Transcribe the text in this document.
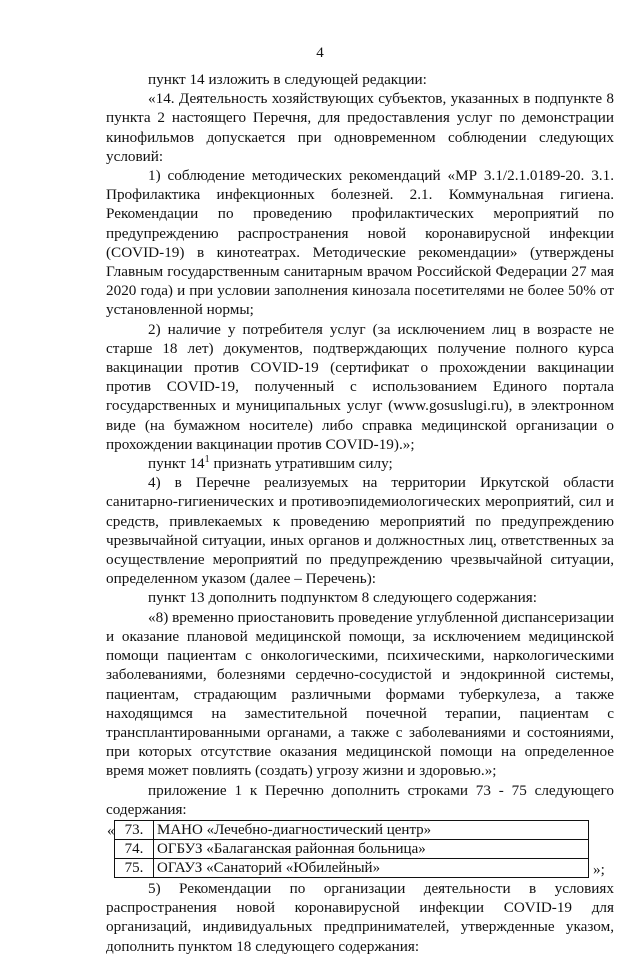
4

пункт 14 изложить в следующей редакции:

«14. Деятельность хозяйствующих субъектов, указанных в подпункте 8 пункта 2 настоящего Перечня, для предоставления услуг по демонстрации кинофильмов допускается при одновременном соблюдении следующих условий:

1) соблюдение методических рекомендаций «МР 3.1/2.1.0189-20. 3.1. Профилактика инфекционных болезней. 2.1. Коммунальная гигиена. Рекомендации по проведению профилактических мероприятий по предупреждению распространения новой коронавирусной инфекции (COVID-19) в кинотеатрах. Методические рекомендации» (утверждены Главным государственным санитарным врачом Российской Федерации 27 мая 2020 года) и при условии заполнения кинозала посетителями не более 50% от установленной нормы;

2) наличие у потребителя услуг (за исключением лиц в возрасте не старше 18 лет) документов, подтверждающих получение полного курса вакцинации против COVID-19 (сертификат о прохождении вакцинации против COVID-19, полученный с использованием Единого портала государственных и муниципальных услуг (www.gosuslugi.ru), в электронном виде (на бумажном носителе) либо справка медицинской организации о прохождении вакцинации против COVID-19).»;

пункт $14^1$ признать утратившим силу;

4) в Перечне реализуемых на территории Иркутской области санитарно-гигиенических и противоэпидемиологических мероприятий, сил и средств, привлекаемых к проведению мероприятий по предупреждению чрезвычайной ситуации, иных органов и должностных лиц, ответственных за осуществление мероприятий по предупреждению чрезвычайной ситуации, определенном указом (далее – Перечень):

пункт 13 дополнить подпунктом 8 следующего содержания:

«8) временно приостановить проведение углубленной диспансеризации и оказание плановой медицинской помощи, за исключением медицинской помощи пациентам с онкологическими, психическими, наркологическими заболеваниями, болезнями сердечно-сосудистой и эндокринной системы, пациентам, страдающим различными формами туберкулеза, а также находящимся на заместительной почечной терапии, пациентам с трансплантированными органами, а также с заболеваниями и состояниями, при которых отсутствие оказания медицинской помощи на определенное время может повлиять (создать) угрозу жизни и здоровью.»;

приложение 1 к Перечню дополнить строками 73 - 75 следующего содержания:

« 73.	МАНО «Лечебно-диагностический центр»
74.	ОГБУЗ «Балаганская районная больница»
75.	ОГАУЗ «Санаторий «Юбилейный»	»;

5) Рекомендации по организации деятельности в условиях распространения новой коронавирусной инфекции COVID-19 для организаций, индивидуальных предпринимателей, утвержденные указом, дополнить пунктом 18 следующего содержания:
